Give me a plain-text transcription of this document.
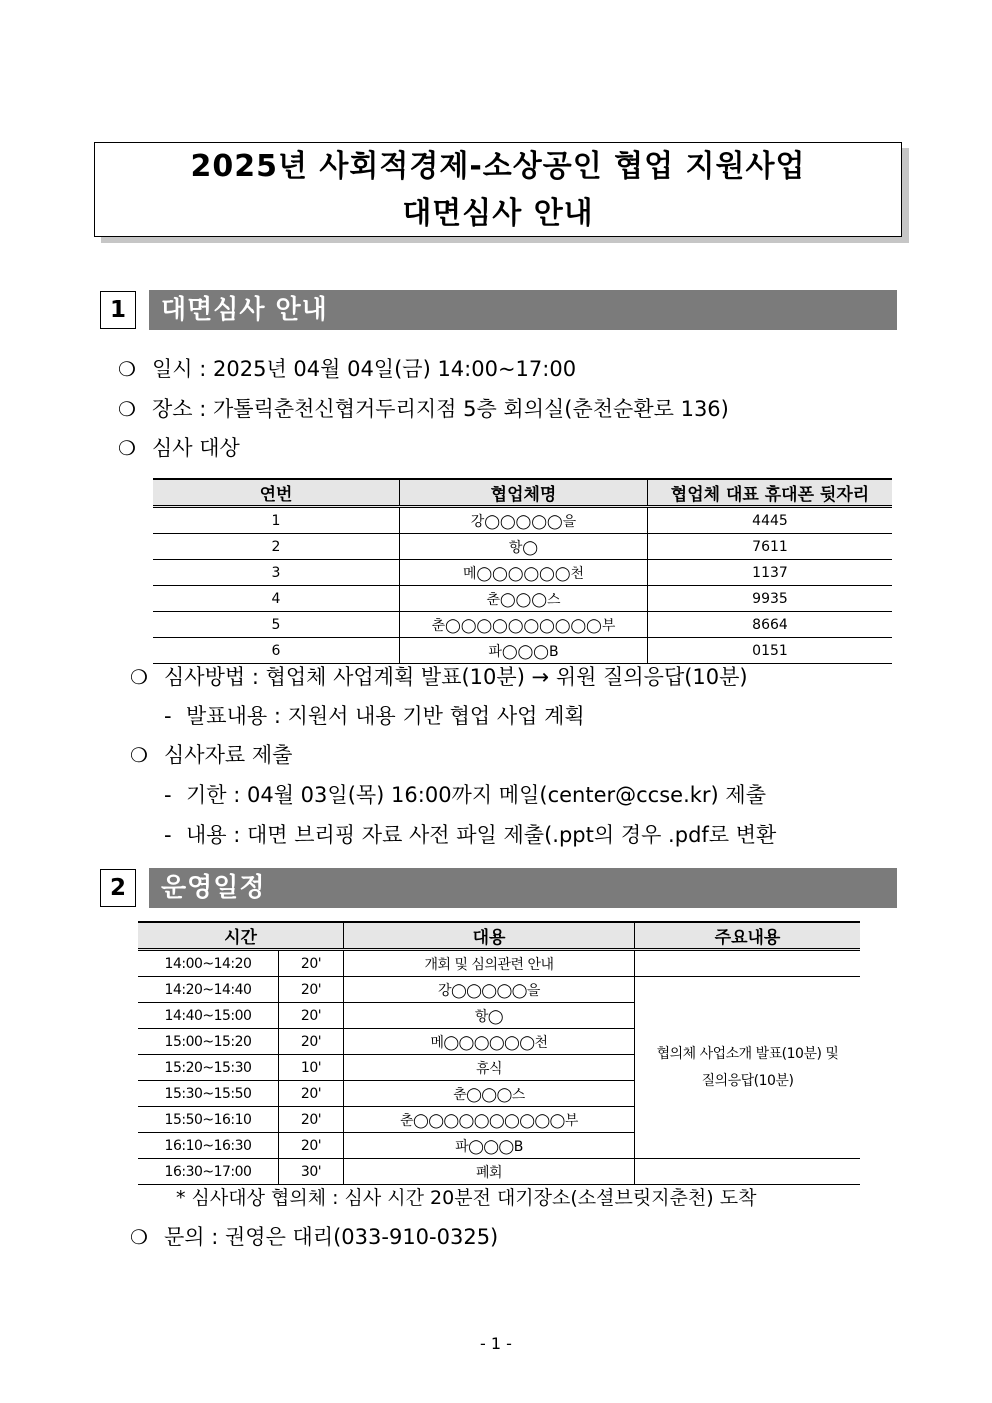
2025년 사회적경제-소상공인 협업 지원사업
대면심사 안내
1	대면심사 안내
❍ 일시 : 2025년 04월 04일(금) 14:00~17:00
❍ 장소 : 가톨릭춘천신협거두리지점 5층 회의실(춘천순환로 136)
❍ 심사 대상
연번	협업체명	협업체 대표 휴대폰 뒷자리
1	강◯◯◯◯◯을	4445
2	항◯	7611
3	메◯◯◯◯◯◯천	1137
4	춘◯◯◯스	9935
5	춘◯◯◯◯◯◯◯◯◯◯부	8664
6	파◯◯◯B	0151
❍ 심사방법 : 협업체 사업계획 발표(10분) → 위원 질의응답(10분)
- 발표내용 : 지원서 내용 기반 협업 사업 계획
❍ 심사자료 제출
- 기한 : 04월 03일(목) 16:00까지 메일(center@ccse.kr) 제출
- 내용 : 대면 브리핑 자료 사전 파일 제출(.ppt의 경우 .pdf로 변환
2	운영일정
시간		대용	주요내용
14:00~14:20	20'	개회 및 심의관련 안내	
14:20~14:40	20'	강◯◯◯◯◯을	협의체 사업소개 발표(10분) 및
질의응답(10분)
14:40~15:00	20'	항◯	
15:00~15:20	20'	메◯◯◯◯◯◯천	
15:20~15:30	10'	휴식	
15:30~15:50	20'	춘◯◯◯스	
15:50~16:10	20'	춘◯◯◯◯◯◯◯◯◯◯부	
16:10~16:30	20'	파◯◯◯B	
16:30~17:00	30'	폐회	
* 심사대상 협의체 : 심사 시간 20분전 대기장소(소셜브릿지춘천) 도착
❍ 문의 : 권영은 대리(033-910-0325)
- 1 -
